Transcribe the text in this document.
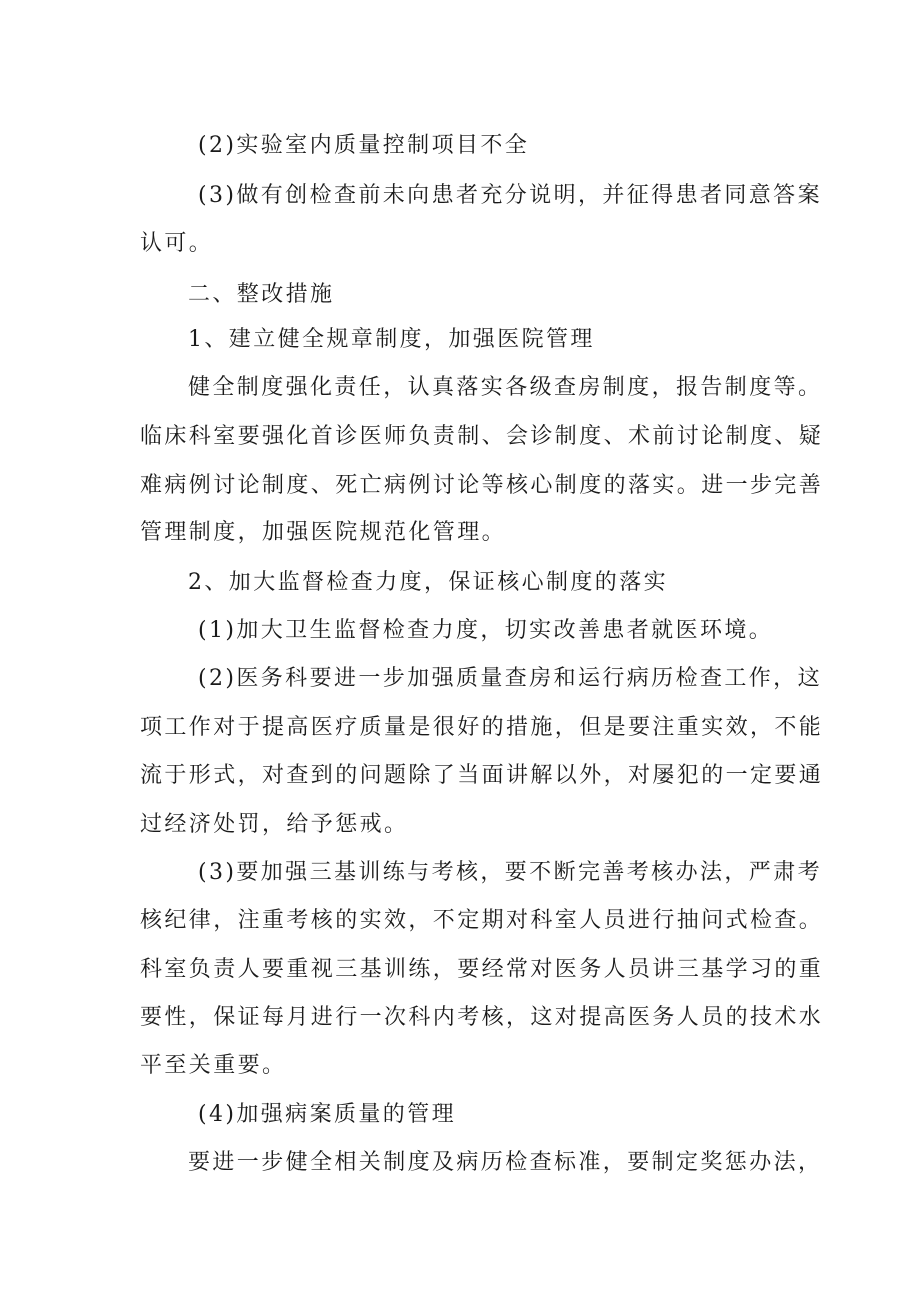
(2)实验室内质量控制项目不全
(3)做有创检查前未向患者充分说明，并征得患者同意答案
认可。
二、整改措施
1、建立健全规章制度，加强医院管理
健全制度强化责任，认真落实各级查房制度，报告制度等。
临床科室要强化首诊医师负责制、会诊制度、术前讨论制度、疑
难病例讨论制度、死亡病例讨论等核心制度的落实。进一步完善
管理制度，加强医院规范化管理。
2、加大监督检查力度，保证核心制度的落实
(1)加大卫生监督检查力度，切实改善患者就医环境。
(2)医务科要进一步加强质量查房和运行病历检查工作，这
项工作对于提高医疗质量是很好的措施，但是要注重实效，不能
流于形式，对查到的问题除了当面讲解以外，对屡犯的一定要通
过经济处罚，给予惩戒。
(3)要加强三基训练与考核，要不断完善考核办法，严肃考
核纪律，注重考核的实效，不定期对科室人员进行抽问式检查。
科室负责人要重视三基训练，要经常对医务人员讲三基学习的重
要性，保证每月进行一次科内考核，这对提高医务人员的技术水
平至关重要。
(4)加强病案质量的管理
要进一步健全相关制度及病历检查标准，要制定奖惩办法，
